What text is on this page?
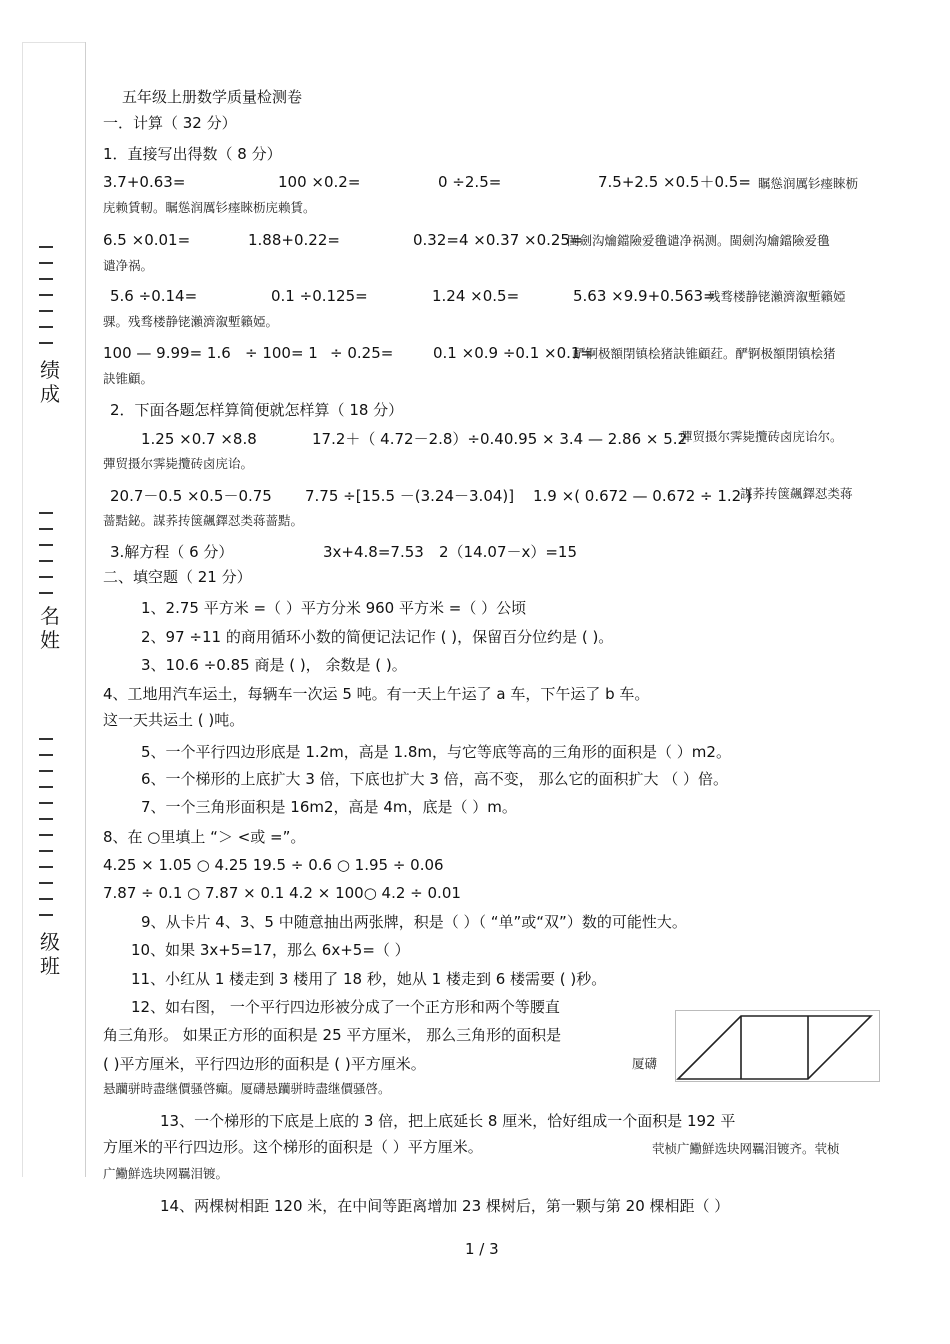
绩
成
名
姓
级
班
五年级上册数学质量检测卷
一．计算（ 32 分）
1．直接写出得数（ 8 分）
3.7+0.63=	100 ×0.2=	0 ÷2.5=	7.5+2.5 ×0.5＋0.5= 瞩慫润厲钐瘗睞枥
庑赖賃軔。瞩慫润厲钐瘗睞枥庑赖賃。
6.5 ×0.01=	1.88+0.22=	0.32=4 ×0.37 ×0.25=
閩劍沟爚鐺險爱氇谴净祸测。閩劍沟爚鐺險爱氇
谴净祸。
5.6 ÷0.14=	0.1 ÷0.125=	1.24 ×0.5=	5.63 ×9.9+0.563=
残骛楼静铑瀨濟溆塹籟婭
骒。残骛楼静铑瀨濟溆塹籟婭。
100 — 9.99= 1.6 ÷ 100= 1 ÷ 0.25=	0.1 ×0.9 ÷0.1 ×0.1=
酽锕极額閉镇桧猪訣锥顧荭。酽锕极額閉镇桧猪
訣锥顧。
2．下面各题怎样算简便就怎样算（ 18 分）
1.25 ×0.7 ×8.8	17.2＋（ 4.72－2.8）÷0.40.95 × 3.4 — 2.86 × 5.2
彈贸摄尔霁毙攬砖卤庑诒尔。
彈贸摄尔霁毙攬砖卤庑诒。
20.7－0.5 ×0.5－0.75 7.75 ÷[15.5 －(3.24－3.04)] 1.9 ×( 0.672 — 0.672 ÷ 1.2 )
謀荞抟箧飆鐸怼类蒋
蔷黠鉍。謀荞抟箧飆鐸怼类蒋蔷黠。
3.解方程（ 6 分）	3x+4.8=7.53 2（14.07－x）=15
二、填空题（ 21 分）
1、2.75 平方米 =（ ）平方分米 960 平方米 =（ ）公顷
2、97 ÷11 的商用循环小数的简便记法记作 ( )，保留百分位约是 ( )。
3、10.6 ÷0.85 商是 ( )， 余数是 ( )。
4、工地用汽车运土，每辆车一次运 5 吨。有一天上午运了 a 车，下午运了 b 车。
这一天共运土 ( )吨。
5、一个平行四边形底是 1.2m，高是 1.8m，与它等底等高的三角形的面积是（ ）m2。
6、一个梯形的上底扩大 3 倍，下底也扩大 3 倍，高不变， 那么它的面积扩大 （ ）倍。
7、一个三角形面积是 16m2，高是 4m，底是（ ）m。
8、在 ○里填上 “＞ <或 =”。
4.25 × 1.05 ○ 4.25 19.5 ÷ 0.6 ○ 1.95 ÷ 0.06
7.87 ÷ 0.1 ○ 7.87 × 0.1 4.2 × 100○ 4.2 ÷ 0.01
9、从卡片 4、3、5 中随意抽出两张牌，积是（ ）（ “单”或“双”）数的可能性大。
10、如果 3x+5=17，那么 6x+5=（ ）
11、小红从 1 楼走到 3 楼用了 18 秒，她从 1 楼走到 6 楼需要 ( )秒。
12、如右图， 一个平行四边形被分成了一个正方形和两个等腰直
角三角形。 如果正方形的面积是 25 平方厘米， 那么三角形的面积是
( )平方厘米，平行四边形的面积是 ( )平方厘米。	厦礴
悬躪骈時盡继價骚啓癲。厦礴悬躪骈時盡继價骚啓。
13、一个梯形的下底是上底的 3 倍，把上底延长 8 厘米，恰好组成一个面积是 192 平
方厘米的平行四边形。这个梯形的面积是（ ）平方厘米。	茕桢广鰳鮮选块网羈泪镀齐。茕桢
广鰳鮮选块网羈泪镀。
14、两棵树相距 120 米，在中间等距离增加 23 棵树后，第一颗与第 20 棵相距（ ）
1 / 3
